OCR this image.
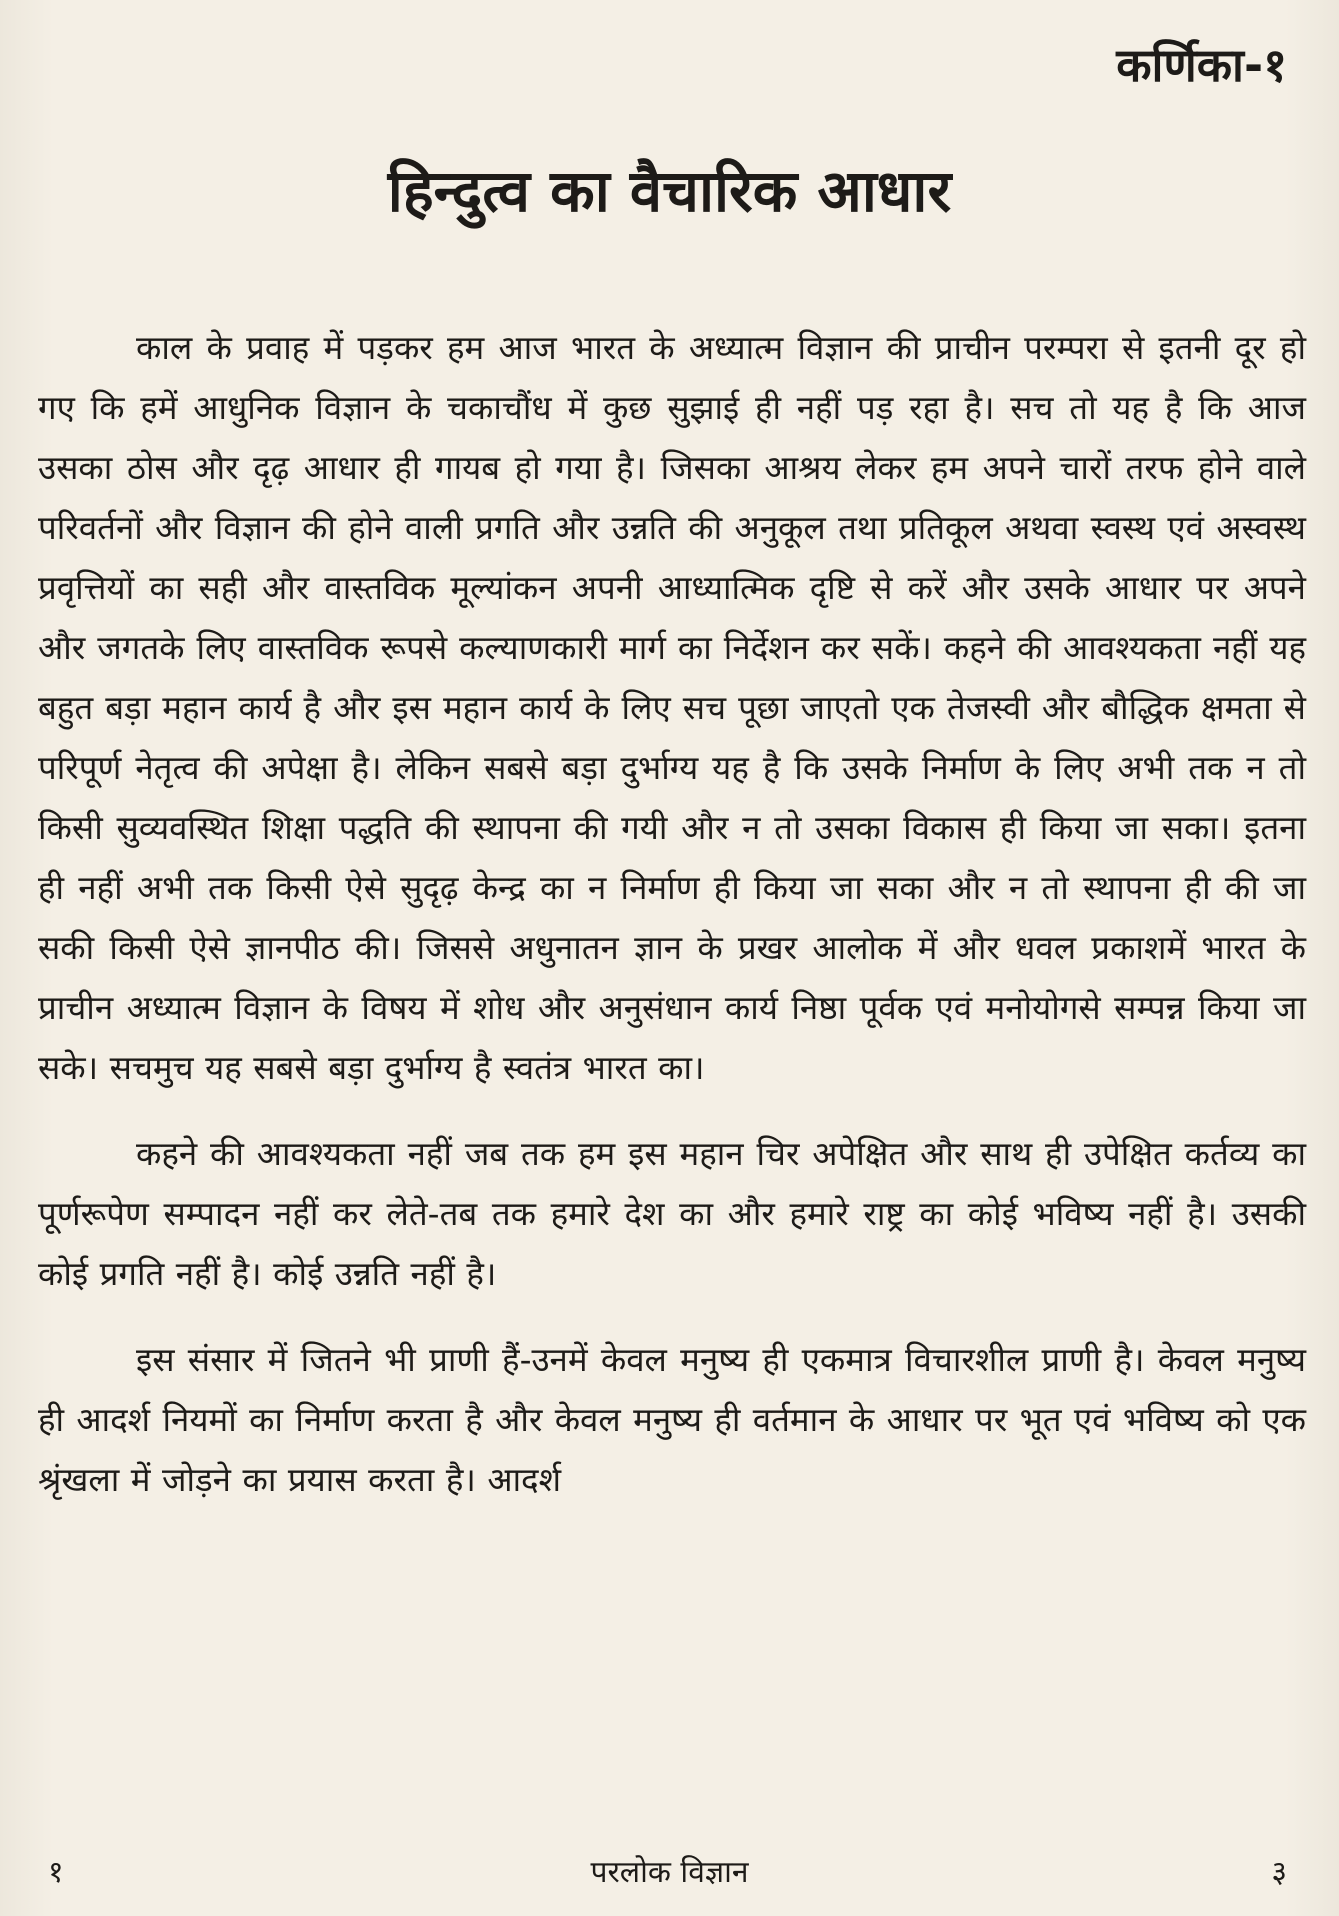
कर्णिका-१
हिन्दुत्व का वैचारिक आधार

काल के प्रवाह में पड़कर हम आज भारत के अध्यात्म विज्ञान की प्राचीन परम्परा से इतनी दूर हो गए कि हमें आधुनिक विज्ञान के चकाचौंध में कुछ सुझाई ही नहीं पड़ रहा है। सच तो यह है कि आज उसका ठोस और दृढ़ आधार ही गायब हो गया है। जिसका आश्रय लेकर हम अपने चारों तरफ होने वाले परिवर्तनों और विज्ञान की होने वाली प्रगति और उन्नति की अनुकूल तथा प्रतिकूल अथवा स्वस्थ एवं अस्वस्थ प्रवृत्तियों का सही और वास्तविक मूल्यांकन अपनी आध्यात्मिक दृष्टि से करें और उसके आधार पर अपने और जगतके लिए वास्तविक रूपसे कल्याणकारी मार्ग का निर्देशन कर सकें। कहने की आवश्यकता नहीं यह बहुत बड़ा महान कार्य है और इस महान कार्य के लिए सच पूछा जाएतो एक तेजस्वी और बौद्धिक क्षमता से परिपूर्ण नेतृत्व की अपेक्षा है। लेकिन सबसे बड़ा दुर्भाग्य यह है कि उसके निर्माण के लिए अभी तक न तो किसी सुव्यवस्थित शिक्षा पद्धति की स्थापना की गयी और न तो उसका विकास ही किया जा सका। इतना ही नहीं अभी तक किसी ऐसे सुदृढ़ केन्द्र का न निर्माण ही किया जा सका और न तो स्थापना ही की जा सकी किसी ऐसे ज्ञानपीठ की। जिससे अधुनातन ज्ञान के प्रखर आलोक में और धवल प्रकाशमें भारत के प्राचीन अध्यात्म विज्ञान के विषय में शोध और अनुसंधान कार्य निष्ठा पूर्वक एवं मनोयोगसे सम्पन्न किया जा सके। सचमुच यह सबसे बड़ा दुर्भाग्य है स्वतंत्र भारत का।

कहने की आवश्यकता नहीं जब तक हम इस महान चिर अपेक्षित और साथ ही उपेक्षित कर्तव्य का पूर्णरूपेण सम्पादन नहीं कर लेते-तब तक हमारे देश का और हमारे राष्ट्र का कोई भविष्य नहीं है। उसकी कोई प्रगति नहीं है। कोई उन्नति नहीं है।

इस संसार में जितने भी प्राणी हैं-उनमें केवल मनुष्य ही एकमात्र विचारशील प्राणी है। केवल मनुष्य ही आदर्श नियमों का निर्माण करता है और केवल मनुष्य ही वर्तमान के आधार पर भूत एवं भविष्य को एक श्रृंखला में जोड़ने का प्रयास करता है। आदर्श

१	परलोक विज्ञान	३
